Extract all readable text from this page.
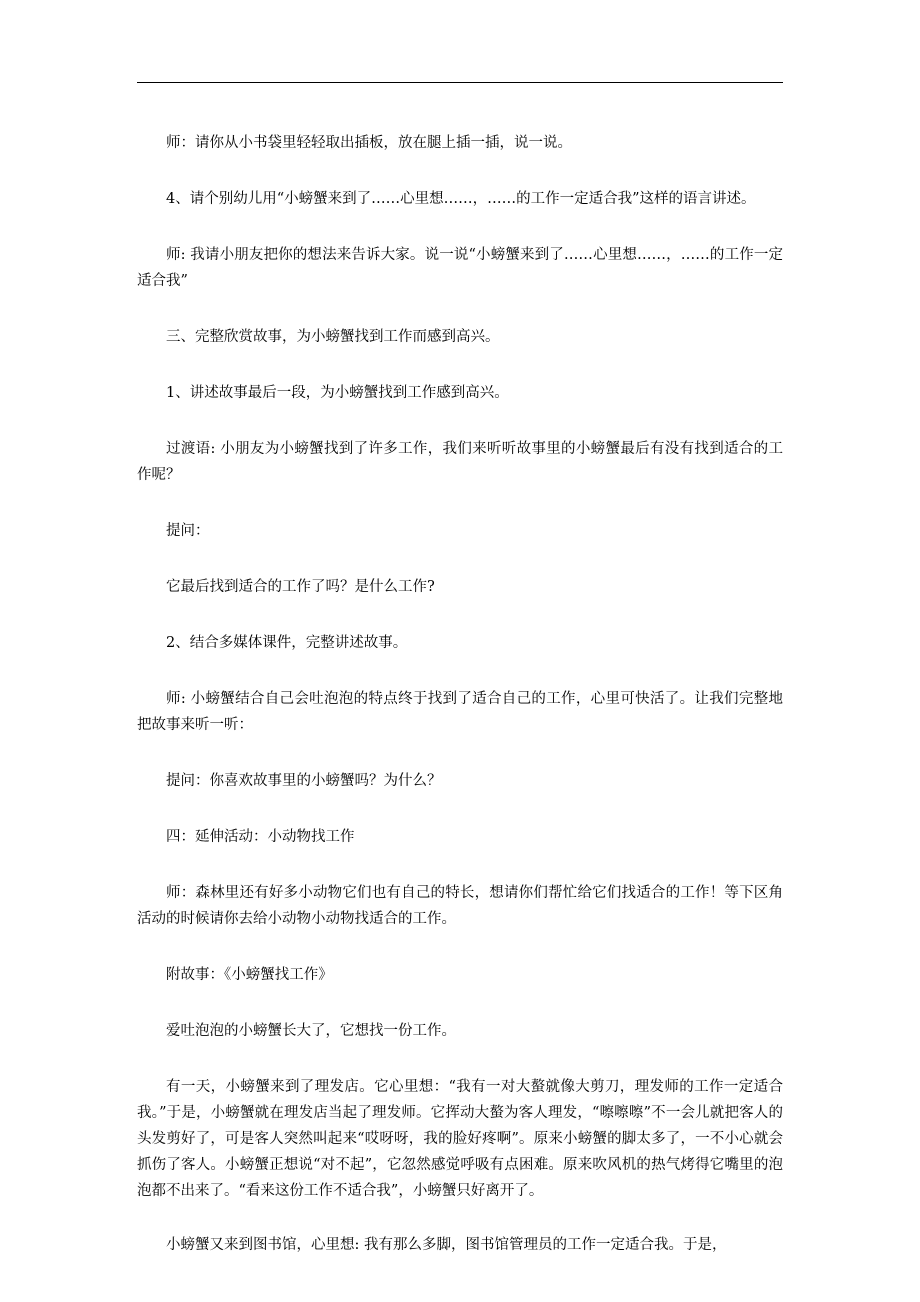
师：请你从小书袋里轻轻取出插板，放在腿上插一插，说一说。

4、请个别幼儿用“小螃蟹来到了……心里想……，……的工作一定适合我”这样的语言讲述。

师: 我请小朋友把你的想法来告诉大家。说一说“小螃蟹来到了……心里想……，……的工作一定适合我”

三、完整欣赏故事，为小螃蟹找到工作而感到高兴。

1、讲述故事最后一段，为小螃蟹找到工作感到高兴。

过渡语: 小朋友为小螃蟹找到了许多工作，我们来听听故事里的小螃蟹最后有没有找到适合的工作呢？

提问：

它最后找到适合的工作了吗？是什么工作?

2、结合多媒体课件，完整讲述故事。

师: 小螃蟹结合自己会吐泡泡的特点终于找到了适合自己的工作，心里可快活了。让我们完整地把故事来听一听：

提问：你喜欢故事里的小螃蟹吗？为什么？

四：延伸活动：小动物找工作

师：森林里还有好多小动物它们也有自己的特长，想请你们帮忙给它们找适合的工作！等下区角活动的时候请你去给小动物小动物找适合的工作。

附故事：《小螃蟹找工作》

爱吐泡泡的小螃蟹长大了，它想找一份工作。

有一天，小螃蟹来到了理发店。它心里想：“我有一对大螯就像大剪刀，理发师的工作一定适合我。”于是，小螃蟹就在理发店当起了理发师。它挥动大螯为客人理发，“嚓嚓嚓”不一会儿就把客人的头发剪好了，可是客人突然叫起来“哎呀呀，我的脸好疼啊”。原来小螃蟹的脚太多了，一不小心就会抓伤了客人。小螃蟹正想说“对不起”，它忽然感觉呼吸有点困难。原来吹风机的热气烤得它嘴里的泡泡都不出来了。“看来这份工作不适合我”，小螃蟹只好离开了。

小螃蟹又来到图书馆，心里想: 我有那么多脚，图书馆管理员的工作一定适合我。于是，
